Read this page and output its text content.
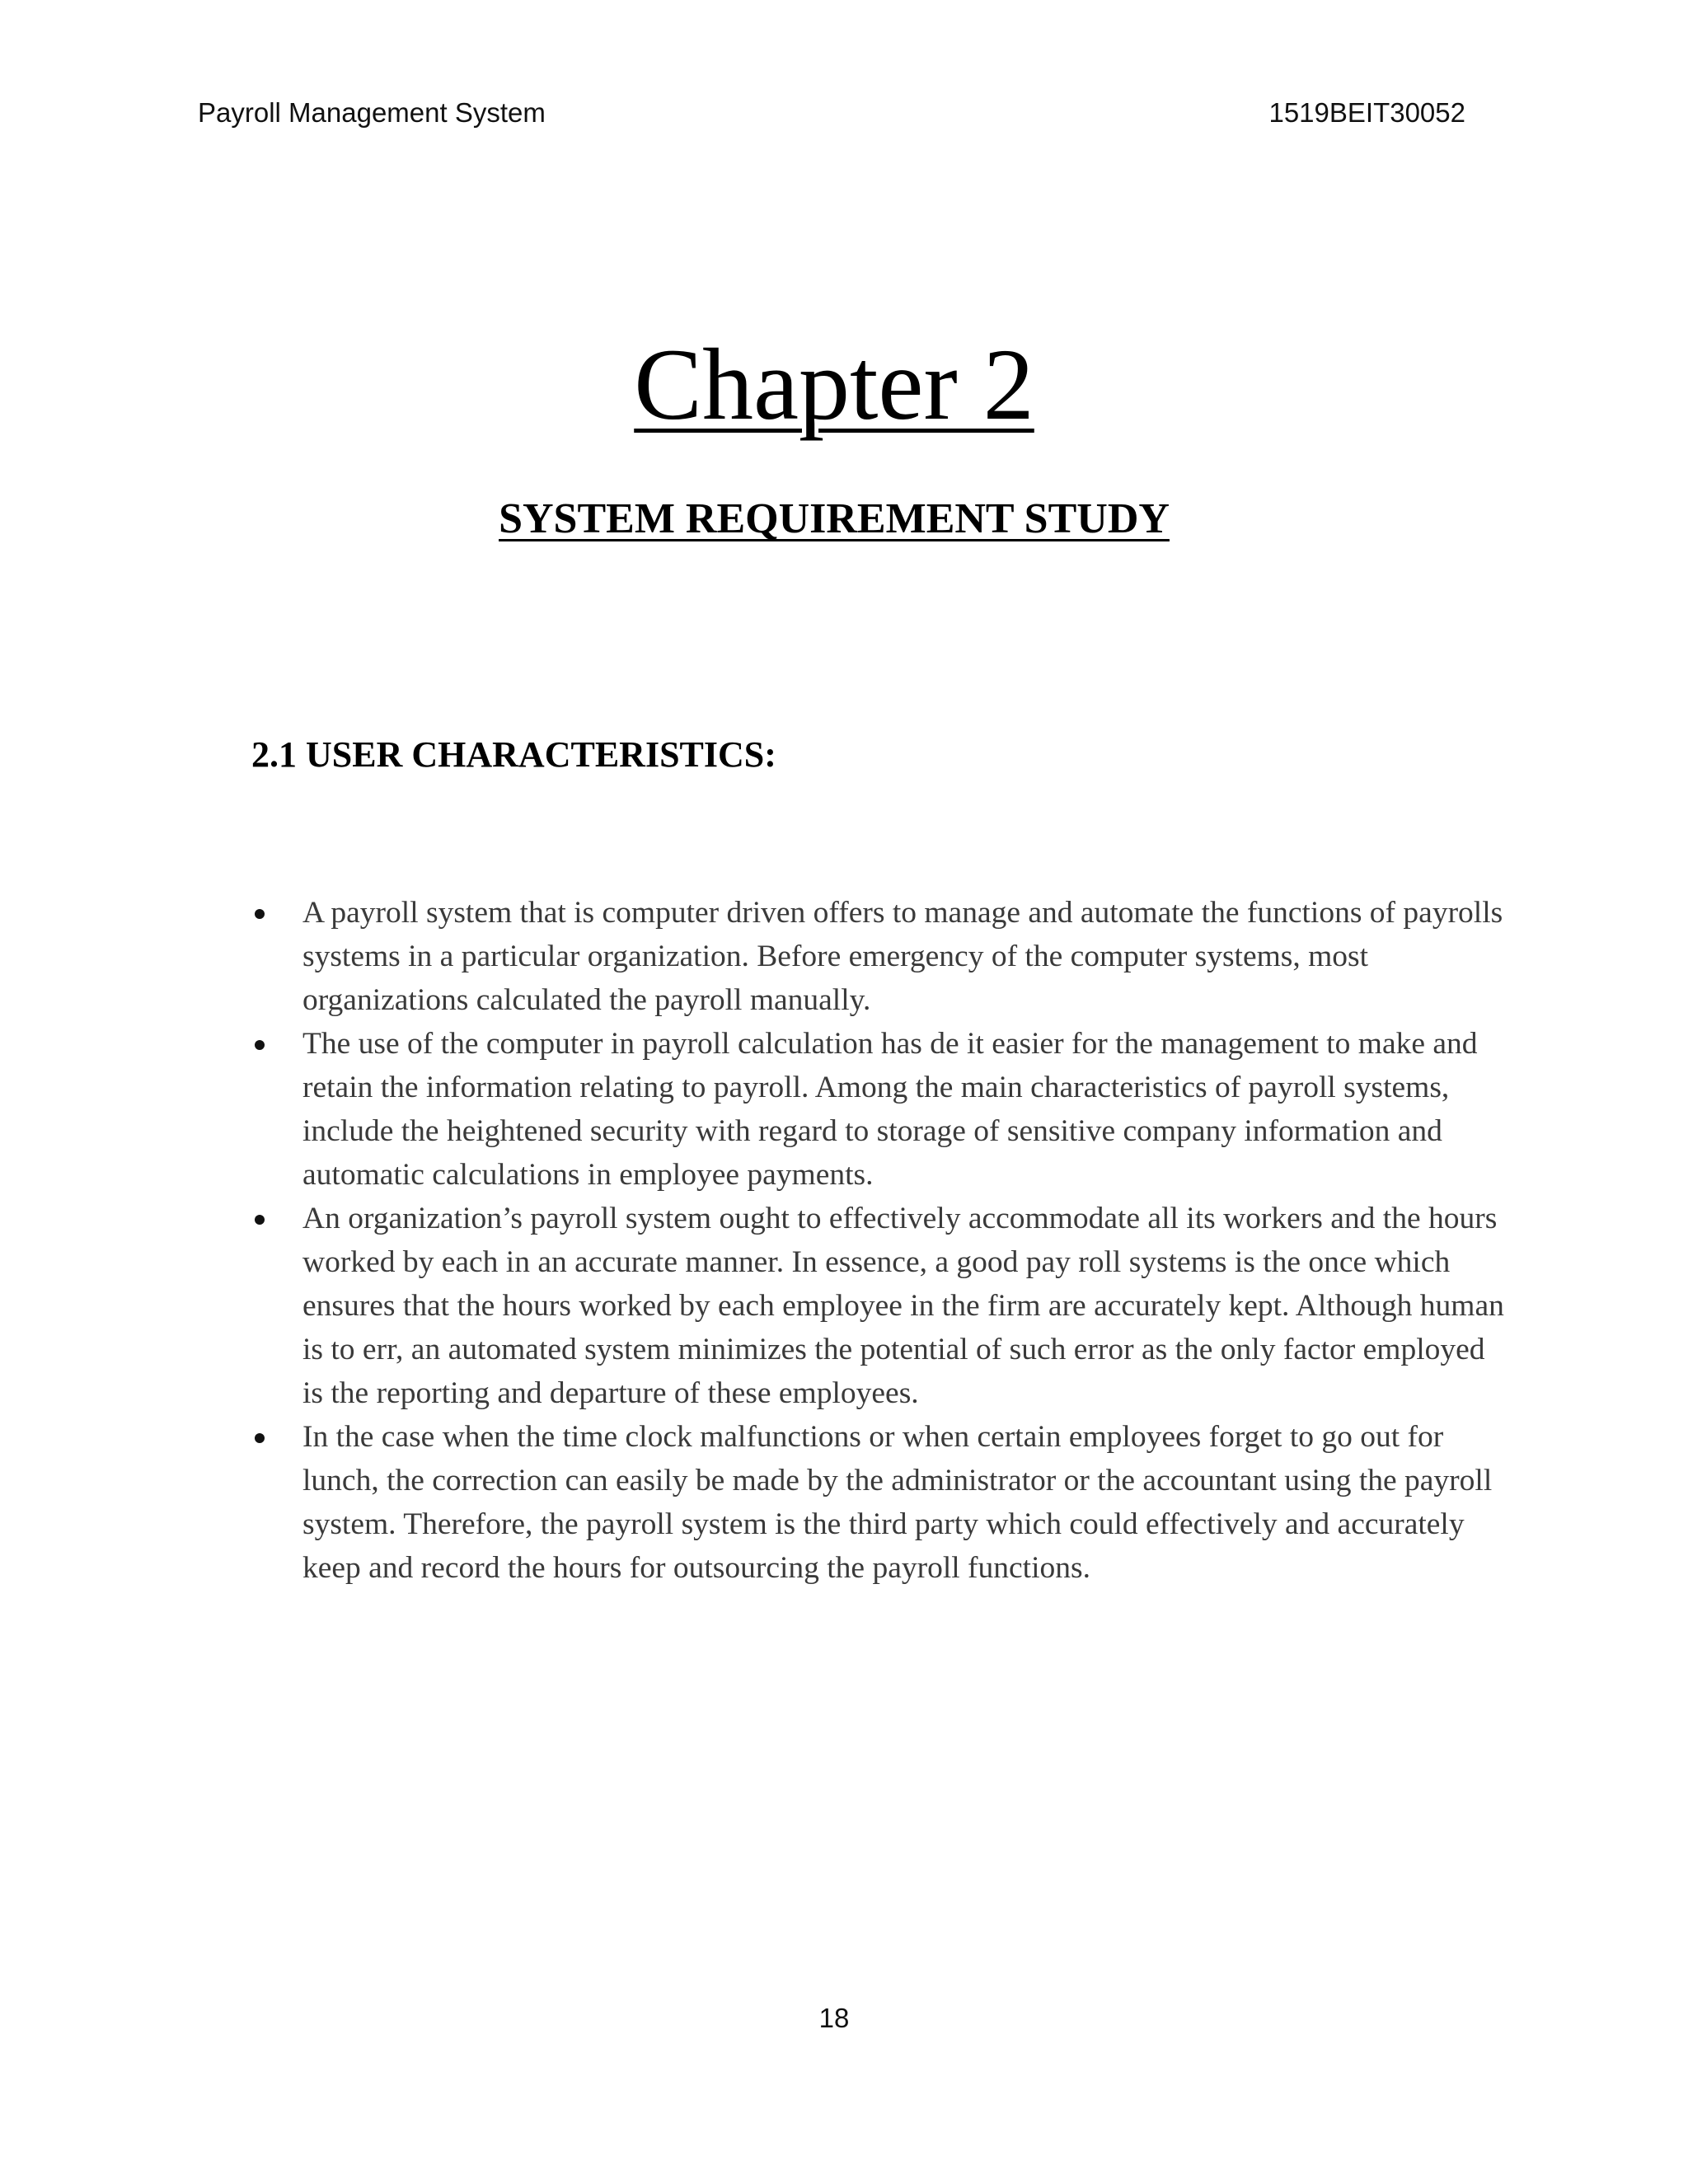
Payroll Management System	1519BEIT30052
Chapter 2
SYSTEM REQUIREMENT STUDY
2.1 USER CHARACTERISTICS:
A payroll system that is computer driven offers to manage and automate the functions of payrolls systems in a particular organization. Before emergency of the computer systems, most organizations calculated the payroll manually.
The use of the computer in payroll calculation has de it easier for the management to make and retain the information relating to payroll. Among the main characteristics of payroll systems, include the heightened security with regard to storage of sensitive company information and automatic calculations in employee payments.
An organization’s payroll system ought to effectively accommodate all its workers and the hours worked by each in an accurate manner. In essence, a good pay roll systems is the once which ensures that the hours worked by each employee in the firm are accurately kept. Although human is to err, an automated system minimizes the potential of such error as the only factor employed is the reporting and departure of these employees.
In the case when the time clock malfunctions or when certain employees forget to go out for lunch, the correction can easily be made by the administrator or the accountant using the payroll system. Therefore, the payroll system is the third party which could effectively and accurately keep and record the hours for outsourcing the payroll functions.
18
